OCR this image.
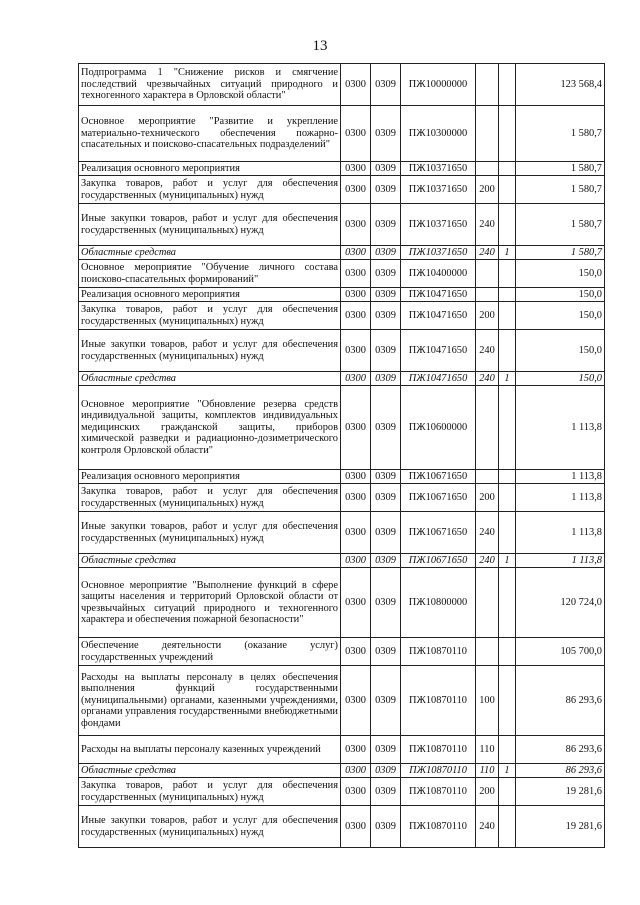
13
Подпрограмма 1 "Снижение рисков и смягчение последствий чрезвычайных ситуаций природного и техногенного характера в Орловской области"	0300	0309	ПЖ10000000			123 568,4
Основное мероприятие "Развитие и укрепление материально-технического обеспечения пожарно-спасательных и поисково-спасательных подразделений"	0300	0309	ПЖ10300000			1 580,7
Реализация основного мероприятия	0300	0309	ПЖ10371650			1 580,7
Закупка товаров, работ и услуг для обеспечения государственных (муниципальных) нужд	0300	0309	ПЖ10371650	200		1 580,7
Иные закупки товаров, работ и услуг для обеспечения государственных (муниципальных) нужд	0300	0309	ПЖ10371650	240		1 580,7
Областные средства	0300	0309	ПЖ10371650	240	1	1 580,7
Основное мероприятие "Обучение личного состава поисково-спасательных формирований"	0300	0309	ПЖ10400000			150,0
Реализация основного мероприятия	0300	0309	ПЖ10471650			150,0
Закупка товаров, работ и услуг для обеспечения государственных (муниципальных) нужд	0300	0309	ПЖ10471650	200		150,0
Иные закупки товаров, работ и услуг для обеспечения государственных (муниципальных) нужд	0300	0309	ПЖ10471650	240		150,0
Областные средства	0300	0309	ПЖ10471650	240	1	150,0
Основное мероприятие "Обновление резерва средств индивидуальной защиты, комплектов индивидуальных медицинских гражданской защиты, приборов химической разведки и радиационно-дозиметрического контроля Орловской области"	0300	0309	ПЖ10600000			1 113,8
Реализация основного мероприятия	0300	0309	ПЖ10671650			1 113,8
Закупка товаров, работ и услуг для обеспечения государственных (муниципальных) нужд	0300	0309	ПЖ10671650	200		1 113,8
Иные закупки товаров, работ и услуг для обеспечения государственных (муниципальных) нужд	0300	0309	ПЖ10671650	240		1 113,8
Областные средства	0300	0309	ПЖ10671650	240	1	1 113,8
Основное мероприятие "Выполнение функций в сфере защиты населения и территорий Орловской области от чрезвычайных ситуаций природного и техногенного характера и обеспечения пожарной безопасности"	0300	0309	ПЖ10800000			120 724,0
Обеспечение деятельности (оказание услуг) государственных учреждений	0300	0309	ПЖ10870110			105 700,0
Расходы на выплаты персоналу в целях обеспечения выполнения функций государственными (муниципальными) органами, казенными учреждениями, органами управления государственными внебюджетными фондами	0300	0309	ПЖ10870110	100		86 293,6
Расходы на выплаты персоналу казенных учреждений	0300	0309	ПЖ10870110	110		86 293,6
Областные средства	0300	0309	ПЖ10870110	110	1	86 293,6
Закупка товаров, работ и услуг для обеспечения государственных (муниципальных) нужд	0300	0309	ПЖ10870110	200		19 281,6
Иные закупки товаров, работ и услуг для обеспечения государственных (муниципальных) нужд	0300	0309	ПЖ10870110	240		19 281,6
